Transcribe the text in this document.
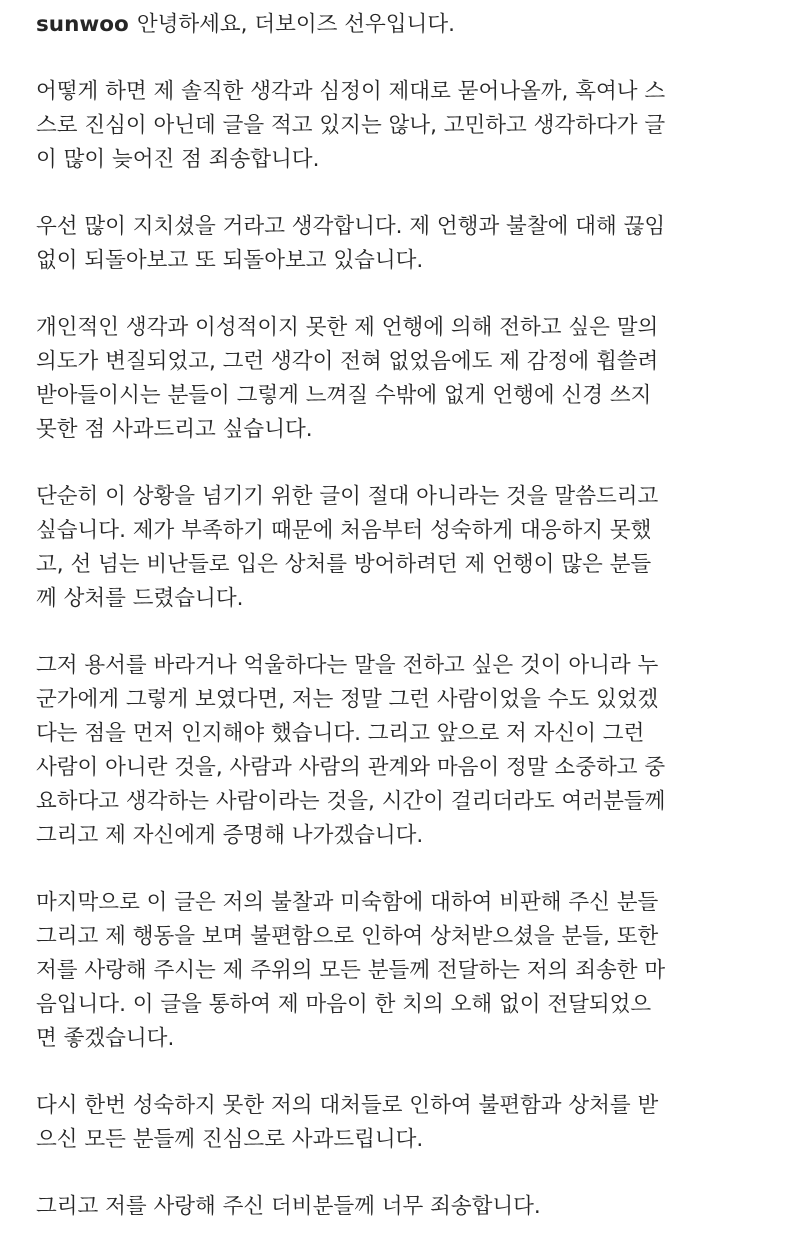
sunwoo 안녕하세요, 더보이즈 선우입니다.
어떻게 하면 제 솔직한 생각과 심정이 제대로 묻어나올까, 혹여나 스
스로 진심이 아닌데 글을 적고 있지는 않나, 고민하고 생각하다가 글
이 많이 늦어진 점 죄송합니다.
우선 많이 지치셨을 거라고 생각합니다. 제 언행과 불찰에 대해 끊임
없이 되돌아보고 또 되돌아보고 있습니다.
개인적인 생각과 이성적이지 못한 제 언행에 의해 전하고 싶은 말의
의도가 변질되었고, 그런 생각이 전혀 없었음에도 제 감정에 휩쓸려
받아들이시는 분들이 그렇게 느껴질 수밖에 없게 언행에 신경 쓰지
못한 점 사과드리고 싶습니다.
단순히 이 상황을 넘기기 위한 글이 절대 아니라는 것을 말씀드리고
싶습니다. 제가 부족하기 때문에 처음부터 성숙하게 대응하지 못했
고, 선 넘는 비난들로 입은 상처를 방어하려던 제 언행이 많은 분들
께 상처를 드렸습니다.
그저 용서를 바라거나 억울하다는 말을 전하고 싶은 것이 아니라 누
군가에게 그렇게 보였다면, 저는 정말 그런 사람이었을 수도 있었겠
다는 점을 먼저 인지해야 했습니다. 그리고 앞으로 저 자신이 그런
사람이 아니란 것을, 사람과 사람의 관계와 마음이 정말 소중하고 중
요하다고 생각하는 사람이라는 것을, 시간이 걸리더라도 여러분들께
그리고 제 자신에게 증명해 나가겠습니다.
마지막으로 이 글은 저의 불찰과 미숙함에 대하여 비판해 주신 분들
그리고 제 행동을 보며 불편함으로 인하여 상처받으셨을 분들, 또한
저를 사랑해 주시는 제 주위의 모든 분들께 전달하는 저의 죄송한 마
음입니다. 이 글을 통하여 제 마음이 한 치의 오해 없이 전달되었으
면 좋겠습니다.
다시 한번 성숙하지 못한 저의 대처들로 인하여 불편함과 상처를 받
으신 모든 분들께 진심으로 사과드립니다.
그리고 저를 사랑해 주신 더비분들께 너무 죄송합니다.
